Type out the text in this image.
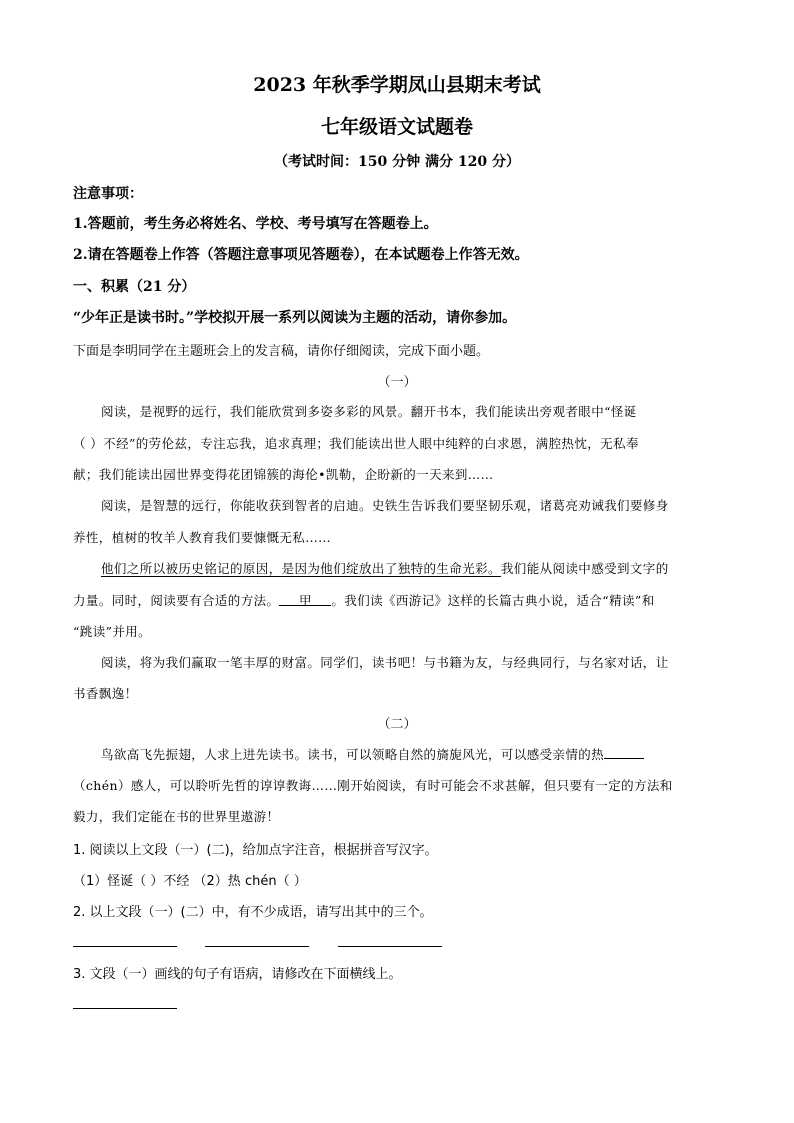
2023 年秋季学期凤山县期末考试
七年级语文试题卷
（考试时间：150 分钟 满分 120 分）
注意事项：
1.答题前，考生务必将姓名、学校、考号填写在答题卷上。
2.请在答题卷上作答（答题注意事项见答题卷），在本试题卷上作答无效。
一、积累（21 分）
“少年正是读书时。”学校拟开展一系列以阅读为主题的活动，请你参加。
下面是李明同学在主题班会上的发言稿，请你仔细阅读，完成下面小题。
（一）
阅读，是视野的远行，我们能欣赏到多姿多彩的风景。翻开书本，我们能读出旁观者眼中“怪诞
（ ）不经”的劳伦兹，专注忘我，追求真理；我们能读出世人眼中纯粹的白求恩，满腔热忱，无私奉
献；我们能读出园世界变得花团锦簇的海伦•凯勒，企盼新的一天来到……
阅读，是智慧的远行，你能收获到智者的启迪。史铁生告诉我们要坚韧乐观，诸葛亮劝诫我们要修身
养性，植树的牧羊人教育我们要慷慨无私……
他们之所以被历史铭记的原因，是因为他们绽放出了独特的生命光彩。我们能从阅读中感受到文字的
力量。同时，阅读要有合适的方法。 甲 。我们读《西游记》这样的长篇古典小说，适合“精读”和
“跳读”并用。
阅读，将为我们赢取一笔丰厚的财富。同学们，读书吧！与书籍为友，与经典同行，与名家对话，让
书香飘逸！
（二）
鸟欲高飞先振翅，人求上进先读书。读书，可以领略自然的旖旎风光，可以感受亲情的热
（chén）感人，可以聆听先哲的谆谆教诲……刚开始阅读，有时可能会不求甚解，但只要有一定的方法和
毅力，我们定能在书的世界里遨游！
1. 阅读以上文段（一）(二)，给加点字注音，根据拼音写汉字。
（1）怪诞（ ）不经 （2）热 chén（ ）
2. 以上文段（一）(二）中，有不少成语，请写出其中的三个。
3. 文段（一）画线的句子有语病，请修改在下面横线上。
